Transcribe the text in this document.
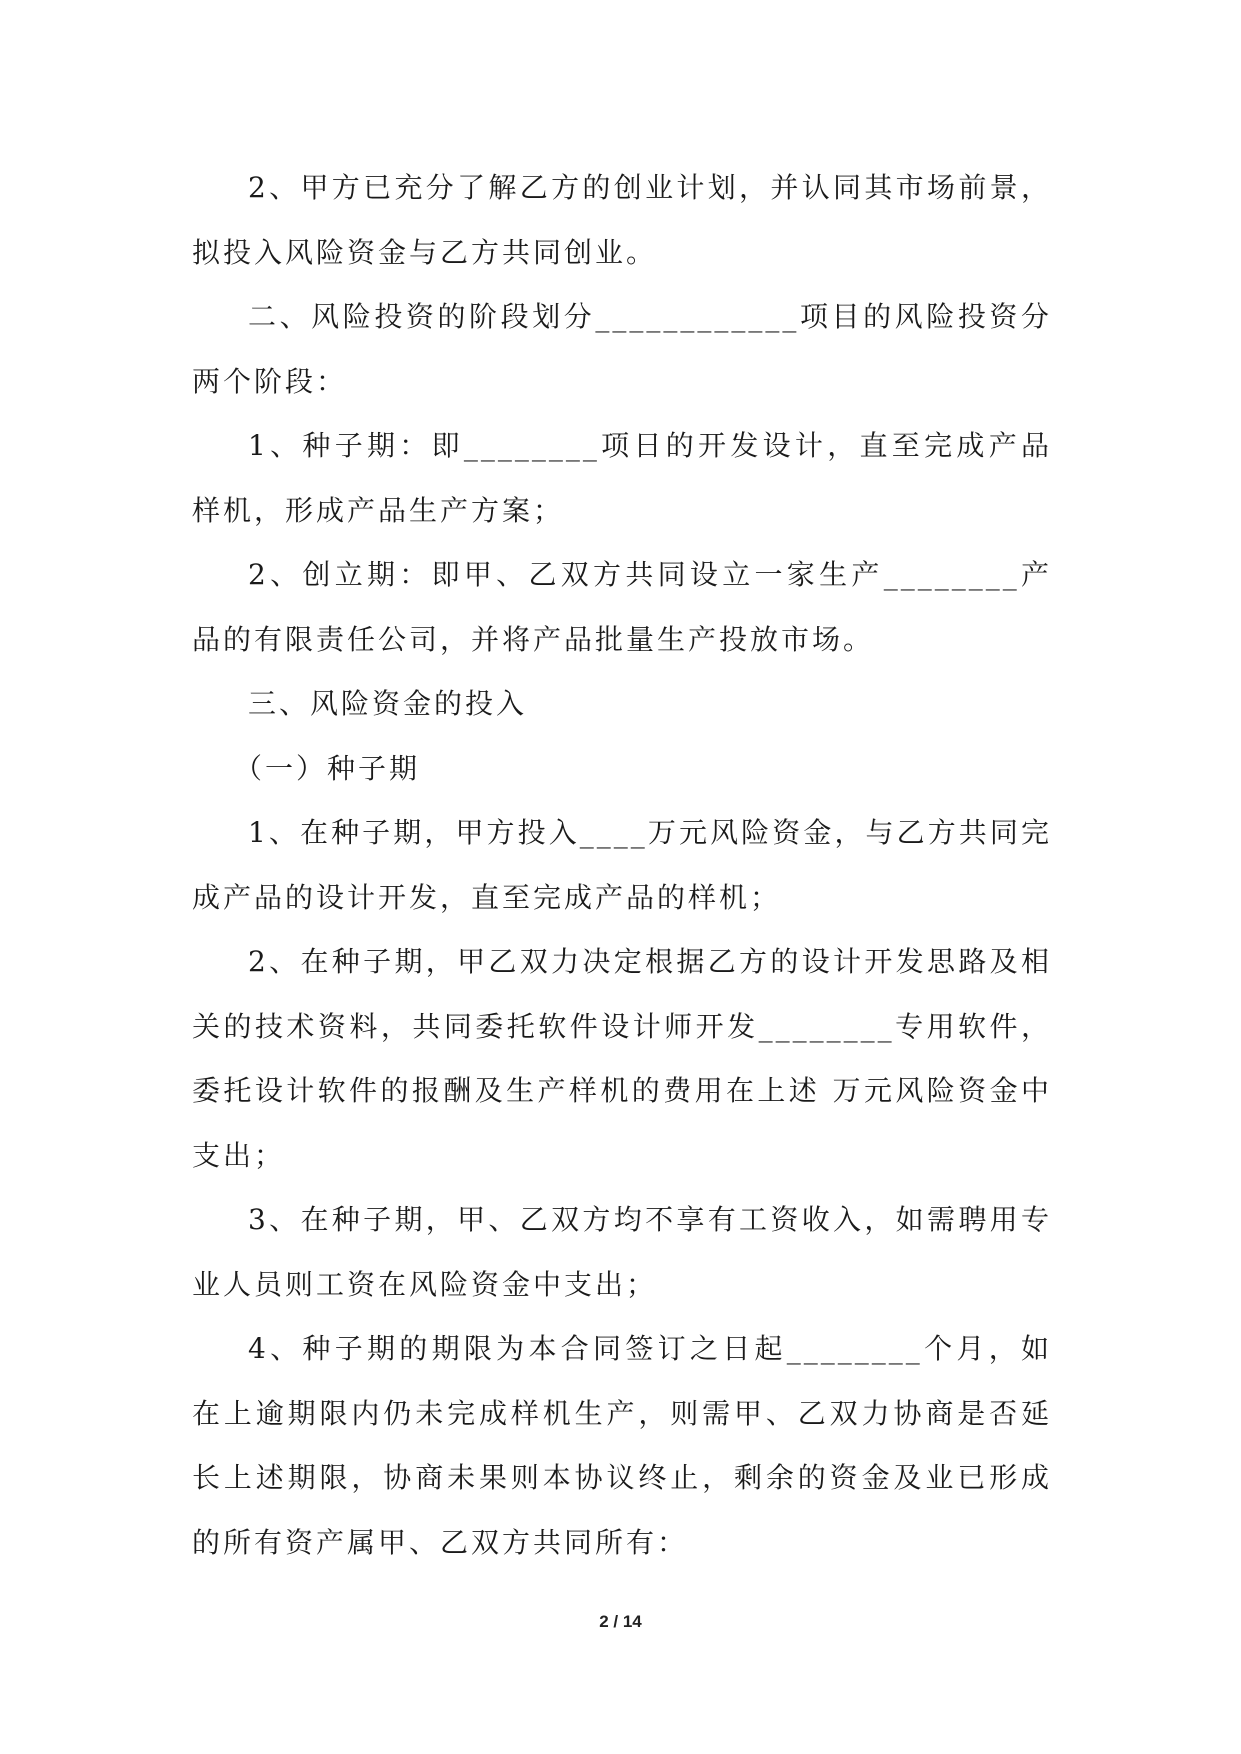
2、甲方已充分了解乙方的创业计划，并认同其市场前景，拟投入风险资金与乙方共同创业。

二、风险投资的阶段划分____________项目的风险投资分两个阶段：

1、种子期：即________项日的开发设计，直至完成产品样机，形成产品生产方案；

2、创立期：即甲、乙双方共同设立一家生产________产品的有限责任公司，并将产品批量生产投放市场。

三、风险资金的投入

（一）种子期

1、在种子期，甲方投入____万元风险资金，与乙方共同完成产品的设计开发，直至完成产品的样机；

2、在种子期，甲乙双力决定根据乙方的设计开发思路及相关的技术资料，共同委托软件设计师开发________专用软件，委托设计软件的报酬及生产样机的费用在上述 万元风险资金中支出；

3、在种子期，甲、乙双方均不享有工资收入，如需聘用专业人员则工资在风险资金中支出；

4、种子期的期限为本合同签订之日起________个月，如在上逾期限内仍未完成样机生产，则需甲、乙双力协商是否延长上述期限，协商未果则本协议终止，剩余的资金及业已形成的所有资产属甲、乙双方共同所有：

2 / 14
